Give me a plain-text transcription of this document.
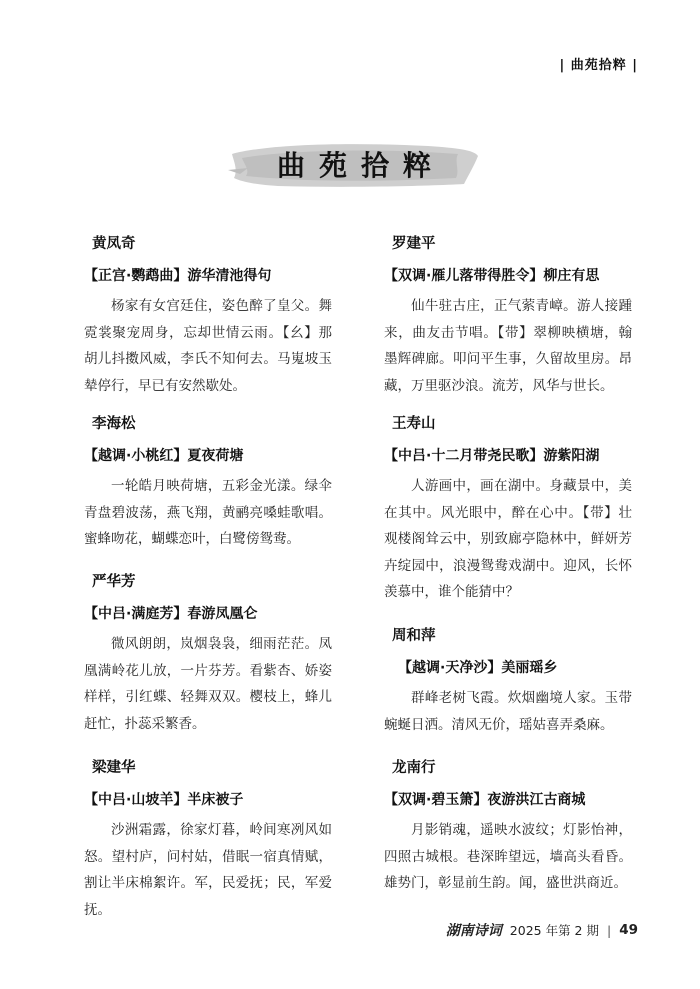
| 曲苑拾粹 |
曲苑拾粹
黄凤奇
【正宫·鹦鹉曲】游华清池得句
杨家有女宫廷住，姿色醉了皇父。舞霓裳聚宠周身，忘却世情云雨。【幺】那胡儿抖擞风威，李氏不知何去。马嵬坡玉辇停行，早已有安然歇处。
李海松
【越调·小桃红】夏夜荷塘
一轮皓月映荷塘，五彩金光漾。绿伞青盘碧波荡，燕飞翔，黄鹂亮嗓蛙歌唱。蜜蜂吻花，蝴蝶恋叶，白鹭傍鸳鸯。
严华芳
【中吕·满庭芳】春游凤凰仑
微风朗朗，岚烟袅袅，细雨茫茫。凤凰满岭花儿放，一片芬芳。看紫杏、娇姿样样，引红蝶、轻舞双双。樱枝上，蜂儿赶忙，扑蕊采繁香。
梁建华
【中吕·山坡羊】半床被子
沙洲霜露，徐家灯暮，岭间寒冽风如怒。望村庐，问村姑，借眠一宿真情赋，割让半床棉絮许。军，民爱抚；民，军爱抚。
罗建平
【双调·雁儿落带得胜令】柳庄有思
仙牛驻古庄，正气萦青嶂。游人接踵来，曲友击节唱。【带】翠柳映横塘，翰墨辉碑廊。叩问平生事，久留故里房。昂藏，万里驱沙浪。流芳，风华与世长。
王寿山
【中吕·十二月带尧民歌】游紫阳湖
人游画中，画在湖中。身藏景中，美在其中。风光眼中，醉在心中。【带】壮观楼阁耸云中，别致廊亭隐林中，鲜妍芳卉绽园中，浪漫鸳鸯戏湖中。迎风，长怀羡慕中，谁个能猜中？
周和萍
【越调·天净沙】美丽瑶乡
群峰老树飞霞。炊烟幽境人家。玉带蜿蜒日洒。清风无价，瑶姑喜弄桑麻。
龙南行
【双调·碧玉箫】夜游洪江古商城
月影销魂，遥映水波纹；灯影怡神，四照古城根。巷深眸望远，墙高头看昏。雄势门，彰显前生韵。闻，盛世洪商近。
湖南诗词 2025 年第 2 期 | 49
